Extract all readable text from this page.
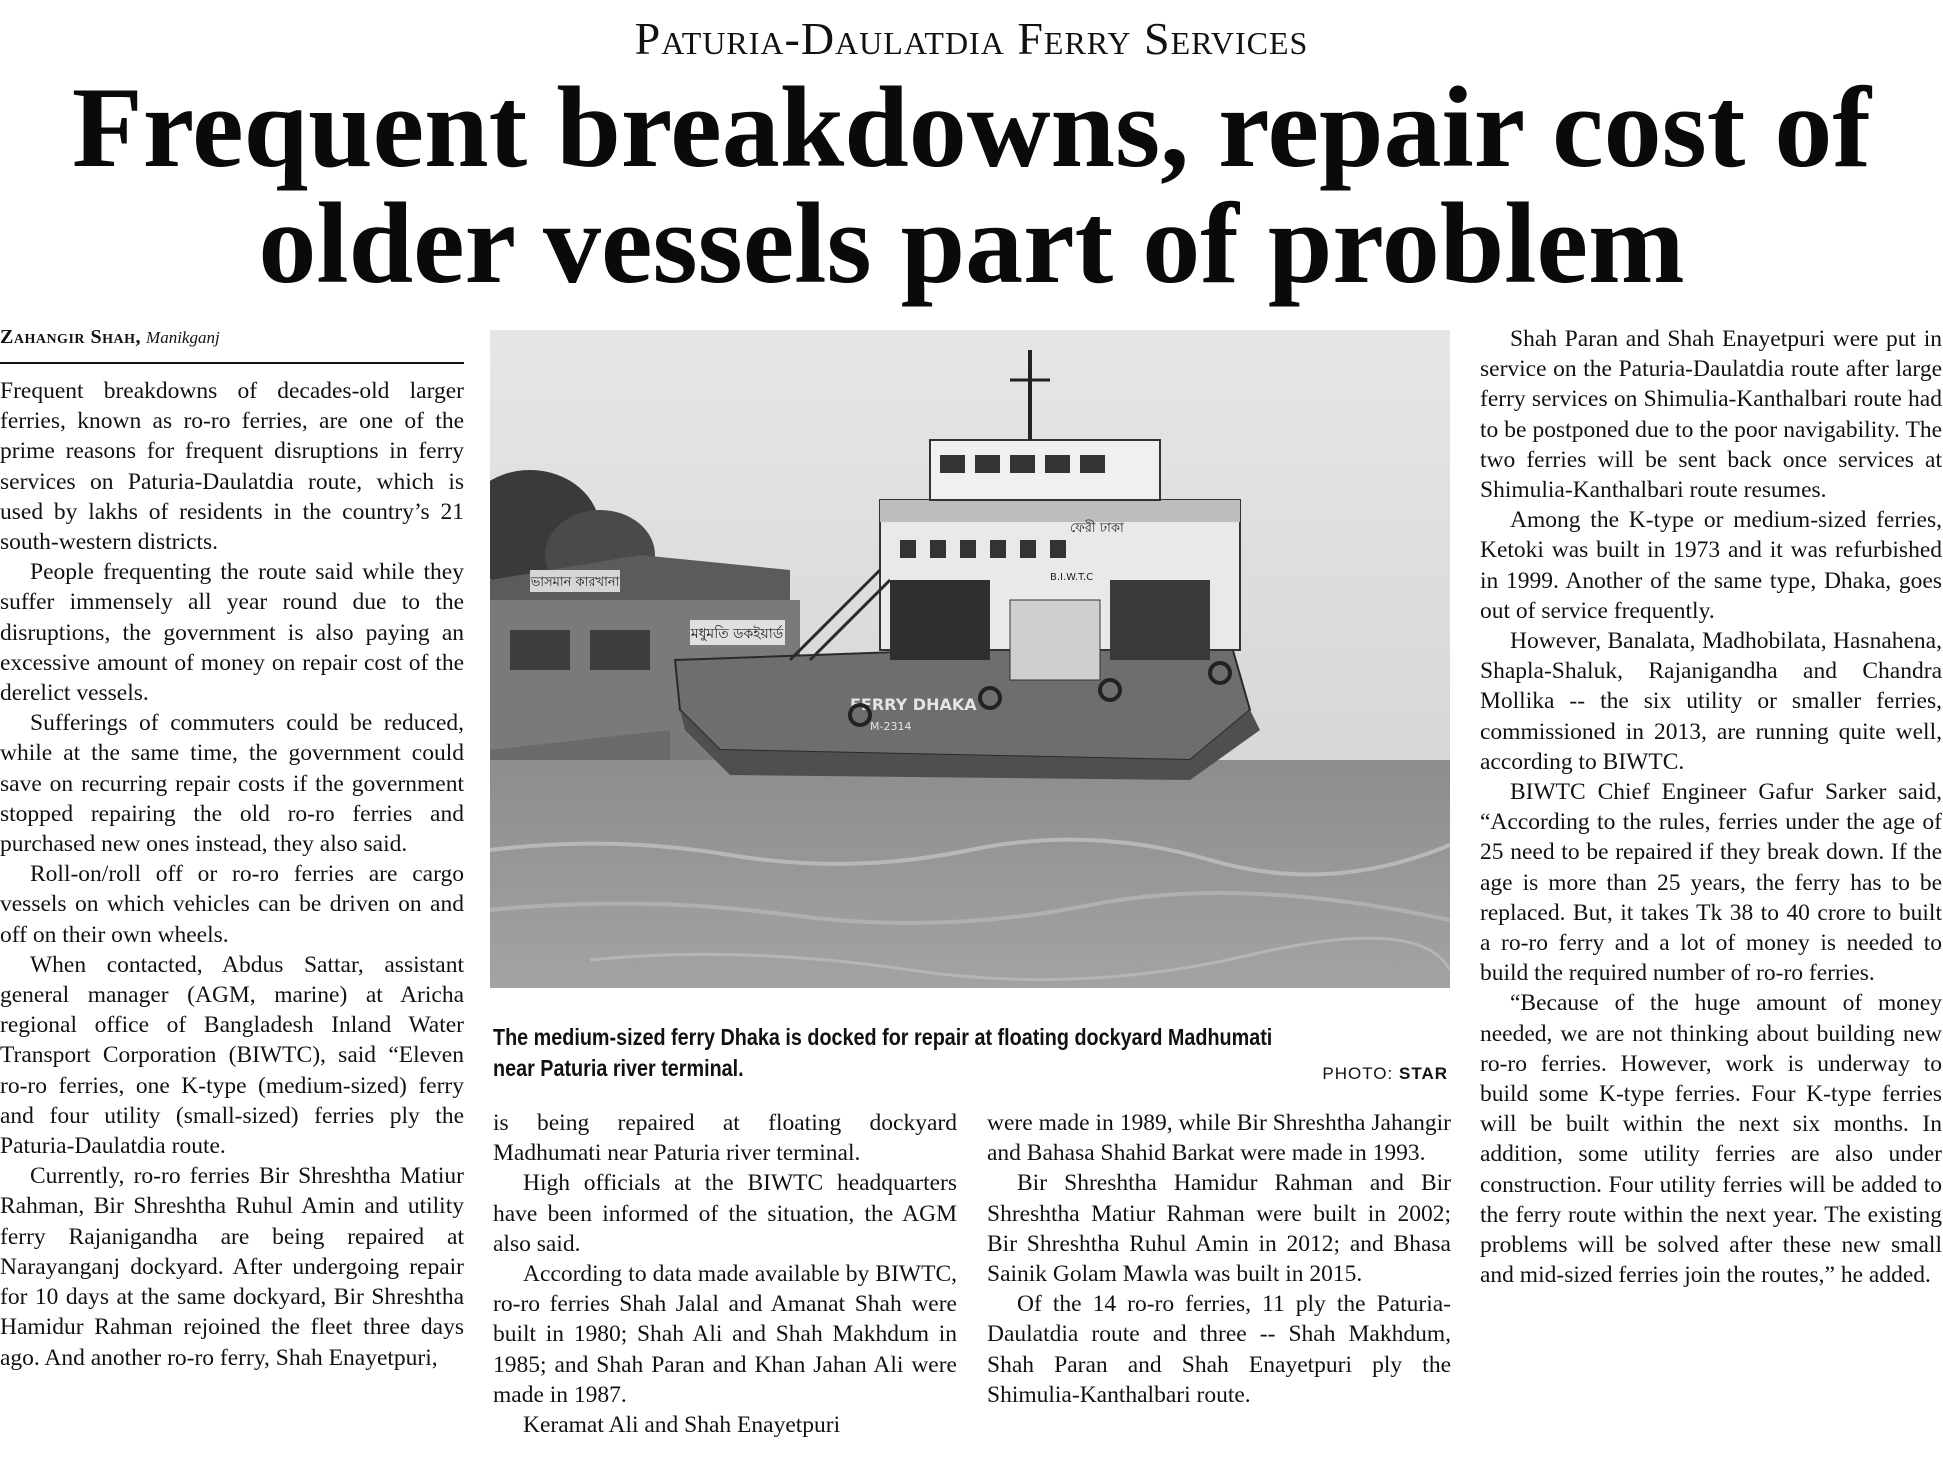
Paturia-Daulatdia Ferry Services
Frequent breakdowns, repair cost of older vessels part of problem
Zahangir Shah, Manikganj

Frequent breakdowns of decades-old larger ferries, known as ro-ro ferries, are one of the prime reasons for frequent disruptions in ferry services on Paturia-Daulatdia route, which is used by lakhs of residents in the country’s 21 south-western districts.

People frequenting the route said while they suffer immensely all year round due to the disruptions, the government is also paying an excessive amount of money on repair cost of the derelict vessels.

Sufferings of commuters could be reduced, while at the same time, the government could save on recurring repair costs if the government stopped repairing the old ro-ro ferries and purchased new ones instead, they also said.

Roll-on/roll off or ro-ro ferries are cargo vessels on which vehicles can be driven on and off on their own wheels.

When contacted, Abdus Sattar, assistant general manager (AGM, marine) at Aricha regional office of Bangladesh Inland Water Transport Corporation (BIWTC), said “Eleven ro-ro ferries, one K-type (medium-sized) ferry and four utility (small-sized) ferries ply the Paturia-Daulatdia route.

Currently, ro-ro ferries Bir Shreshtha Matiur Rahman, Bir Shreshtha Ruhul Amin and utility ferry Rajanigandha are being repaired at Narayanganj dockyard. After undergoing repair for 10 days at the same dockyard, Bir Shreshtha Hamidur Rahman rejoined the fleet three days ago. And another ro-ro ferry, Shah Enayetpuri,

মধুমতি ডকইয়ার্ড
ভাসমান কারখানা
FERRY DHAKA
M-2314
ফেরী ঢাকা
B.I.W.T.C
The medium-sized ferry Dhaka is docked for repair at floating dockyard Madhumati near Paturia river terminal.	PHOTO: STAR

is being repaired at floating dockyard Madhumati near Paturia river terminal.

High officials at the BIWTC headquarters have been informed of the situation, the AGM also said.

According to data made available by BIWTC, ro-ro ferries Shah Jalal and Amanat Shah were built in 1980; Shah Ali and Shah Makhdum in 1985; and Shah Paran and Khan Jahan Ali were made in 1987.

Keramat Ali and Shah Enayetpuri

were made in 1989, while Bir Shreshtha Jahangir and Bahasa Shahid Barkat were made in 1993.

Bir Shreshtha Hamidur Rahman and Bir Shreshtha Matiur Rahman were built in 2002; Bir Shreshtha Ruhul Amin in 2012; and Bhasa Sainik Golam Mawla was built in 2015.

Of the 14 ro-ro ferries, 11 ply the Paturia-Daulatdia route and three -- Shah Makhdum, Shah Paran and Shah Enayetpuri ply the Shimulia-Kanthalbari route.

Shah Paran and Shah Enayetpuri were put in service on the Paturia-Daulatdia route after large ferry services on Shimulia-Kanthalbari route had to be postponed due to the poor navigability. The two ferries will be sent back once services at Shimulia-Kanthalbari route resumes.

Among the K-type or medium-sized ferries, Ketoki was built in 1973 and it was refurbished in 1999. Another of the same type, Dhaka, goes out of service frequently.

However, Banalata, Madhobilata, Hasnahena, Shapla-Shaluk, Rajanigandha and Chandra Mollika -- the six utility or smaller ferries, commissioned in 2013, are running quite well, according to BIWTC.

BIWTC Chief Engineer Gafur Sarker said, “According to the rules, ferries under the age of 25 need to be repaired if they break down. If the age is more than 25 years, the ferry has to be replaced. But, it takes Tk 38 to 40 crore to built a ro-ro ferry and a lot of money is needed to build the required number of ro-ro ferries.

“Because of the huge amount of money needed, we are not thinking about building new ro-ro ferries. However, work is underway to build some K-type ferries. Four K-type ferries will be built within the next six months. In addition, some utility ferries are also under construction. Four utility ferries will be added to the ferry route within the next year. The existing problems will be solved after these new small and mid-sized ferries join the routes,” he added.
